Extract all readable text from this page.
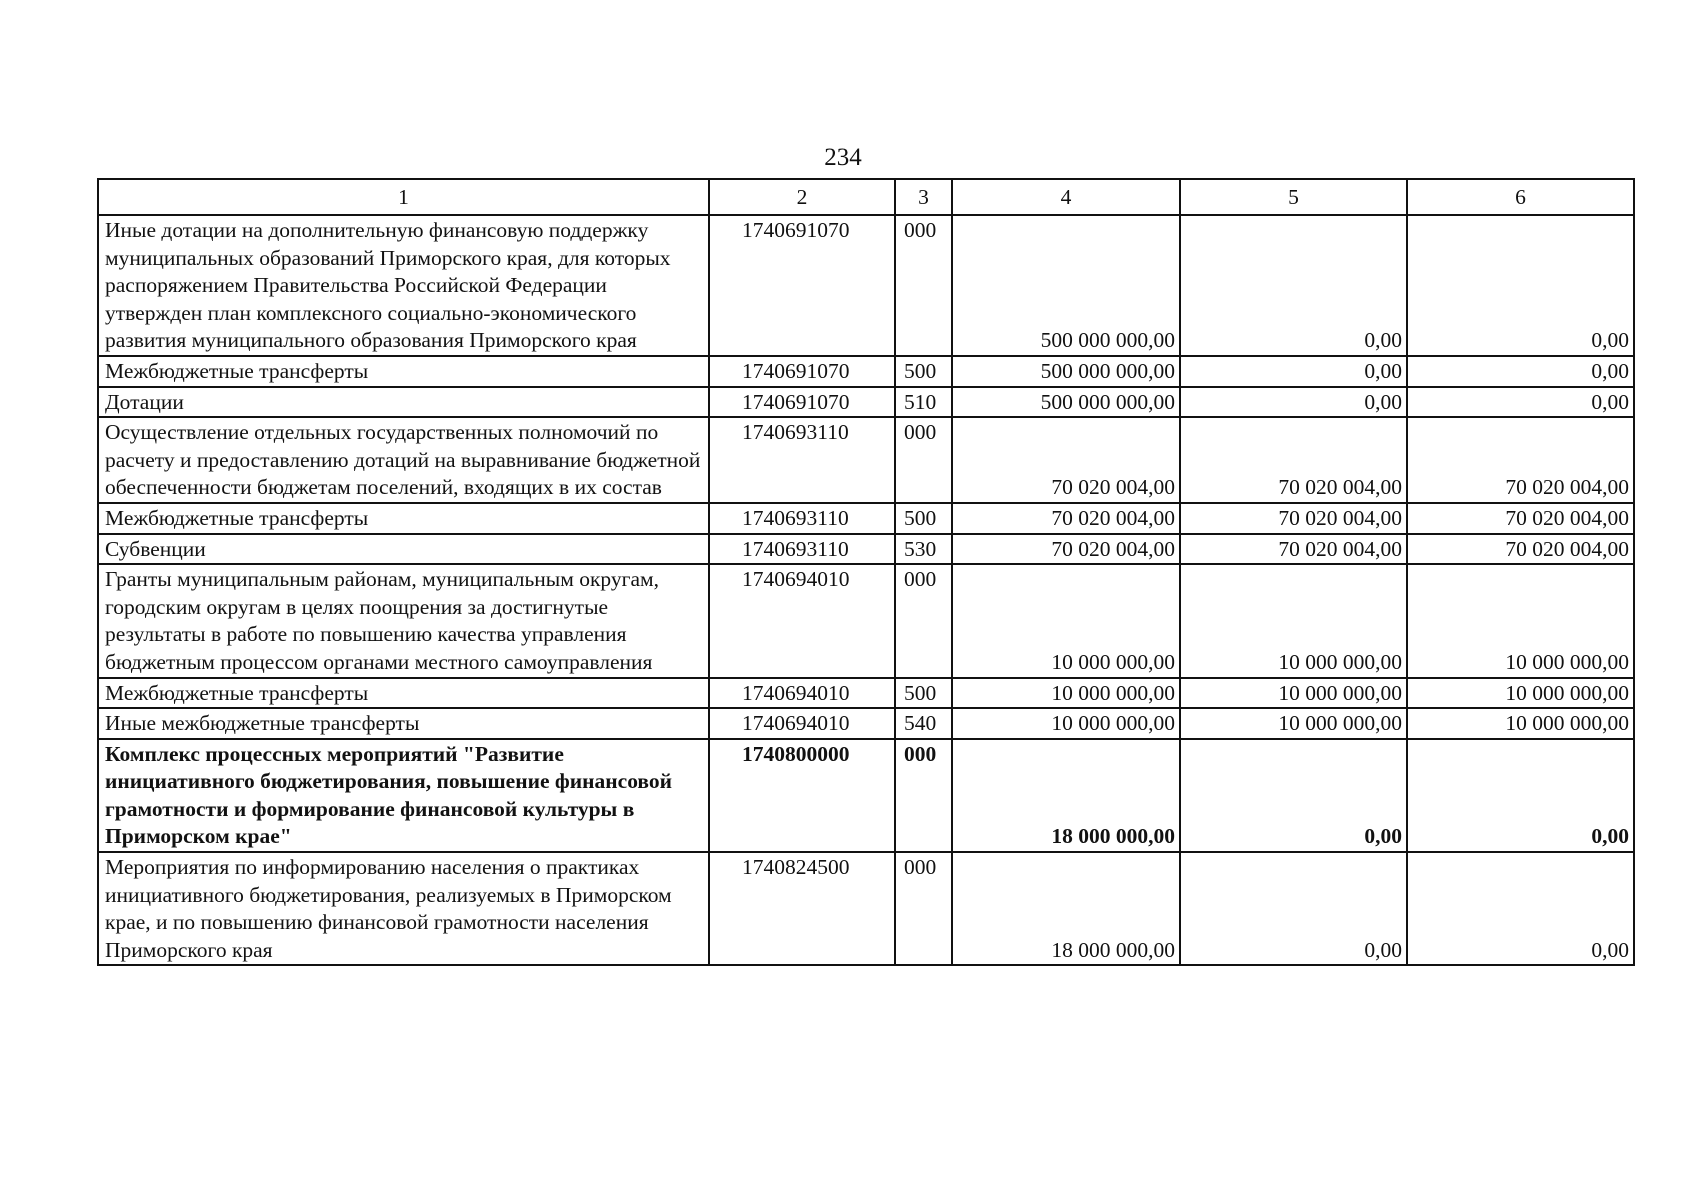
234
1	2	3	4	5	6
Иные дотации на дополнительную финансовую поддержку муниципальных образований Приморского края, для которых распоряжением Правительства Российской Федерации утвержден план комплексного социально-экономического развития муниципального образования Приморского края	1740691070	000	500 000 000,00	0,00	0,00
Межбюджетные трансферты	1740691070	500	500 000 000,00	0,00	0,00
Дотации	1740691070	510	500 000 000,00	0,00	0,00
Осуществление отдельных государственных полномочий по расчету и предоставлению дотаций на выравнивание бюджетной обеспеченности бюджетам поселений, входящих в их состав	1740693110	000	70 020 004,00	70 020 004,00	70 020 004,00
Межбюджетные трансферты	1740693110	500	70 020 004,00	70 020 004,00	70 020 004,00
Субвенции	1740693110	530	70 020 004,00	70 020 004,00	70 020 004,00
Гранты муниципальным районам, муниципальным округам, городским округам в целях поощрения за достигнутые результаты в работе по повышению качества управления бюджетным процессом органами местного самоуправления	1740694010	000	10 000 000,00	10 000 000,00	10 000 000,00
Межбюджетные трансферты	1740694010	500	10 000 000,00	10 000 000,00	10 000 000,00
Иные межбюджетные трансферты	1740694010	540	10 000 000,00	10 000 000,00	10 000 000,00
Комплекс процессных мероприятий "Развитие инициативного бюджетирования, повышение финансовой грамотности и формирование финансовой культуры в Приморском крае"	1740800000	000	18 000 000,00	0,00	0,00
Мероприятия по информированию населения о практиках инициативного бюджетирования, реализуемых в Приморском крае, и по повышению финансовой грамотности населения Приморского края	1740824500	000	18 000 000,00	0,00	0,00
